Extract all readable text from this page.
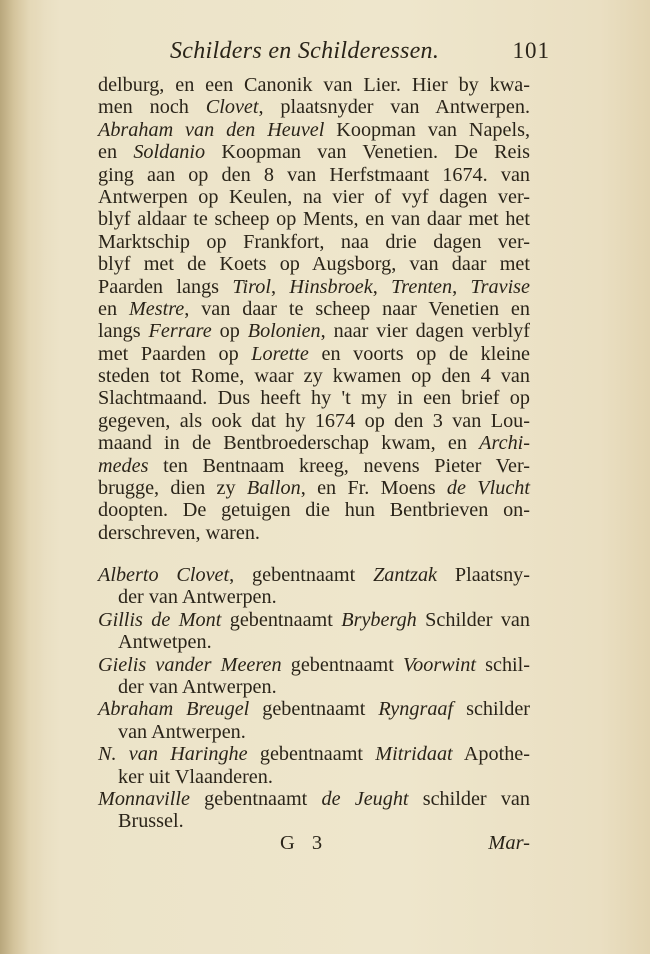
Schilders en Schilderessen.	101
delburg, en een Canonik van Lier. Hier by kwa-
men noch Clovet, plaatsnyder van Antwerpen.
Abraham van den Heuvel Koopman van Napels,
en Soldanio Koopman van Venetien. De Reis
ging aan op den 8 van Herfstmaant 1674. van
Antwerpen op Keulen, na vier of vyf dagen ver-
blyf aldaar te scheep op Ments, en van daar met het
Marktschip op Frankfort, naa drie dagen ver-
blyf met de Koets op Augsborg, van daar met
Paarden langs Tirol, Hinsbroek, Trenten, Travise
en Mestre, van daar te scheep naar Venetien en
langs Ferrare op Bolonien, naar vier dagen verblyf
met Paarden op Lorette en voorts op de kleine
steden tot Rome, waar zy kwamen op den 4 van
Slachtmaand. Dus heeft hy 't my in een brief op
gegeven, als ook dat hy 1674 op den 3 van Lou-
maand in de Bentbroederschap kwam, en Archi-
medes ten Bentnaam kreeg, nevens Pieter Ver-
brugge, dien zy Ballon, en Fr. Moens de Vlucht
doopten. De getuigen die hun Bentbrieven on-
derschreven, waren.
Alberto Clovet, gebentnaamt Zantzak Plaatsny-
der van Antwerpen.
Gillis de Mont gebentnaamt Brybergh Schilder van
Antwetpen.
Gielis vander Meeren gebentnaamt Voorwint schil-
der van Antwerpen.
Abraham Breugel gebentnaamt Ryngraaf schilder
van Antwerpen.
N. van Haringhe gebentnaamt Mitridaat Apothe-
ker uit Vlaanderen.
Monnaville gebentnaamt de Jeught schilder van
Brussel.
G 3	Mar-
